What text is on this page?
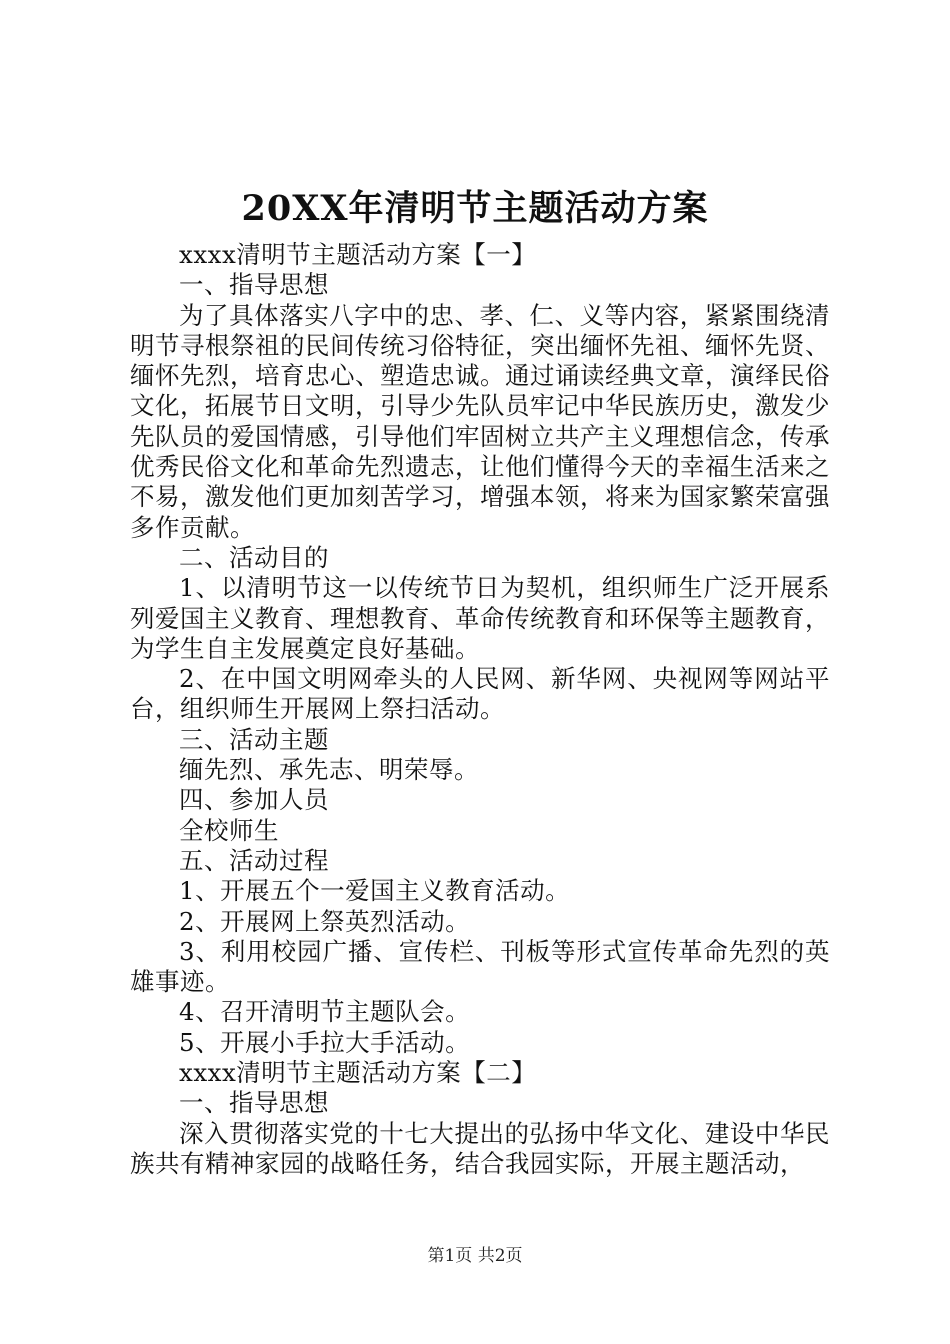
20XX年清明节主题活动方案

xxxx清明节主题活动方案【一】

一、指导思想

为了具体落实八字中的忠、孝、仁、义等内容，紧紧围绕清明节寻根祭祖的民间传统习俗特征，突出缅怀先祖、缅怀先贤、缅怀先烈，培育忠心、塑造忠诚。通过诵读经典文章，演绎民俗文化，拓展节日文明，引导少先队员牢记中华民族历史，激发少先队员的爱国情感，引导他们牢固树立共产主义理想信念，传承优秀民俗文化和革命先烈遗志，让他们懂得今天的幸福生活来之不易，激发他们更加刻苦学习，增强本领，将来为国家繁荣富强多作贡献。

二、活动目的

1、以清明节这一以传统节日为契机，组织师生广泛开展系列爱国主义教育、理想教育、革命传统教育和环保等主题教育，为学生自主发展奠定良好基础。

2、在中国文明网牵头的人民网、新华网、央视网等网站平台，组织师生开展网上祭扫活动。

三、活动主题

缅先烈、承先志、明荣辱。

四、参加人员

全校师生

五、活动过程

1、开展五个一爱国主义教育活动。

2、开展网上祭英烈活动。

3、利用校园广播、宣传栏、刊板等形式宣传革命先烈的英雄事迹。

4、召开清明节主题队会。

5、开展小手拉大手活动。

xxxx清明节主题活动方案【二】

一、指导思想

深入贯彻落实党的十七大提出的弘扬中华文化、建设中华民族共有精神家园的战略任务，结合我园实际，开展主题活动，

第1页 共2页
